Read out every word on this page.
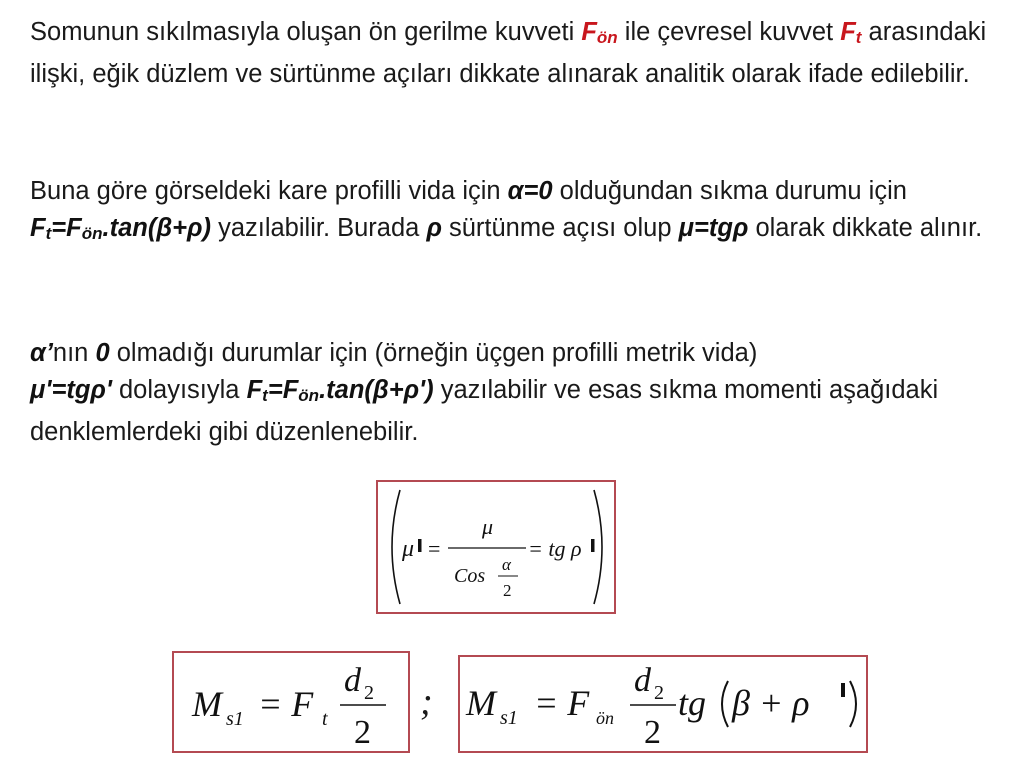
Somunun sıkılmasıyla oluşan ön gerilme kuvveti Fön ile çevresel kuvvet Ft arasındaki ilişki, eğik düzlem ve sürtünme açıları dikkate alınarak analitik olarak ifade edilebilir.

Buna göre görseldeki kare profilli vida için α=0 olduğundan sıkma durumu için Ft=Fön.tan(β+ρ) yazılabilir. Burada ρ sürtünme açısı olup μ=tgρ olarak dikkate alınır.

α’nın 0 olmadığı durumlar için (örneğin üçgen profilli metrik vida)
μ'=tgρ' dolayısıyla Ft=Fön.tan(β+ρ') yazılabilir ve esas sıkma momenti aşağıdaki denklemlerdeki gibi düzenlenebilir.

μ =
μ
Cos
α
2
= tg ρ
M s1 = F t
d 2
2
; M s1 = F ön
d 2
2
tg β + ρ
